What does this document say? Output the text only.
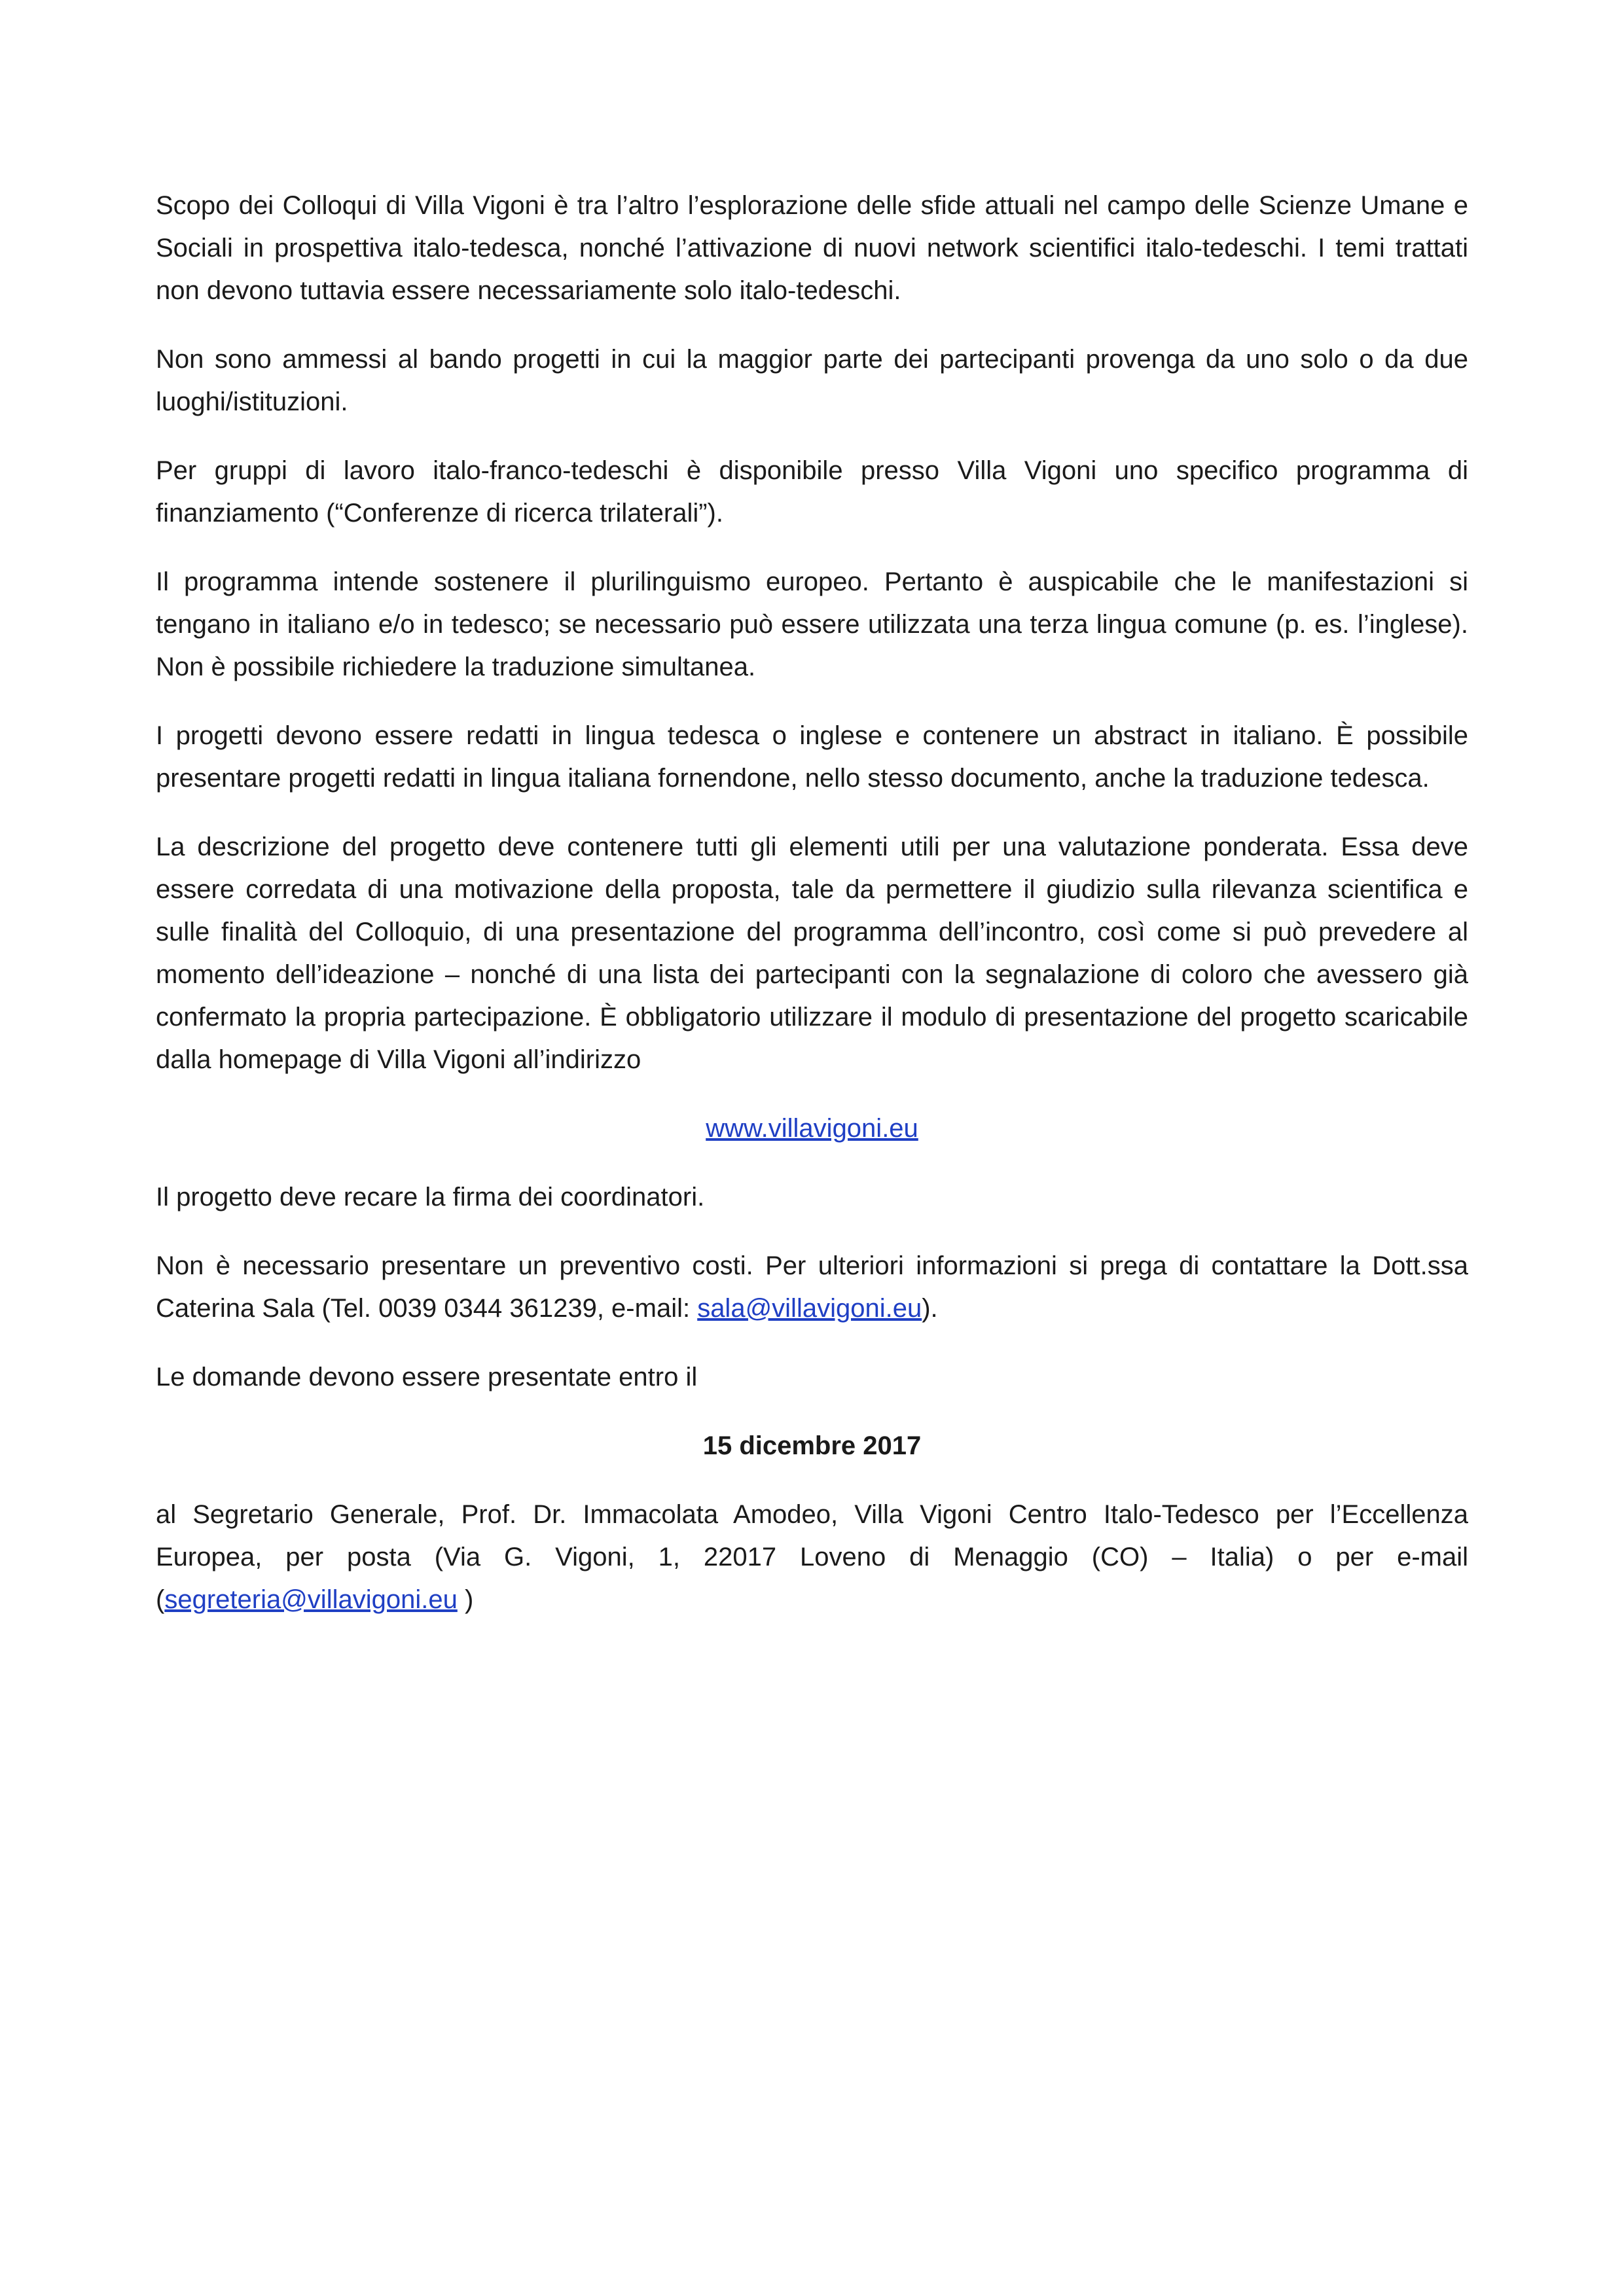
Scopo dei Colloqui di Villa Vigoni è tra l’altro l’esplorazione delle sfide attuali nel campo delle Scienze Umane e Sociali in prospettiva italo-tedesca, nonché l’attivazione di nuovi network scientifici italo-tedeschi. I temi trattati non devono tuttavia essere necessariamente solo italo-tedeschi.

Non sono ammessi al bando progetti in cui la maggior parte dei partecipanti provenga da uno solo o da due luoghi/istituzioni.

Per gruppi di lavoro italo-franco-tedeschi è disponibile presso Villa Vigoni uno specifico programma di finanziamento (“Conferenze di ricerca trilaterali”).

Il programma intende sostenere il plurilinguismo europeo. Pertanto è auspicabile che le manifestazioni si tengano in italiano e/o in tedesco; se necessario può essere utilizzata una terza lingua comune (p. es. l’inglese). Non è possibile richiedere la traduzione simultanea.

I progetti devono essere redatti in lingua tedesca o inglese e contenere un abstract in italiano. È possibile presentare progetti redatti in lingua italiana fornendone, nello stesso documento, anche la traduzione tedesca.

La descrizione del progetto deve contenere tutti gli elementi utili per una valutazione ponderata. Essa deve essere corredata di una motivazione della proposta, tale da permettere il giudizio sulla rilevanza scientifica e sulle finalità del Colloquio, di una presentazione del programma dell’incontro, così come si può prevedere al momento dell’ideazione – nonché di una lista dei partecipanti con la segnalazione di coloro che avessero già confermato la propria partecipazione. È obbligatorio utilizzare il modulo di presentazione del progetto scaricabile dalla homepage di Villa Vigoni all’indirizzo

www.villavigoni.eu

Il progetto deve recare la firma dei coordinatori.

Non è necessario presentare un preventivo costi. Per ulteriori informazioni si prega di contattare la Dott.ssa Caterina Sala (Tel. 0039 0344 361239, e-mail: sala@villavigoni.eu).

Le domande devono essere presentate entro il

15 dicembre 2017

al Segretario Generale, Prof. Dr. Immacolata Amodeo, Villa Vigoni Centro Italo-Tedesco per l’Eccellenza Europea, per posta (Via G. Vigoni, 1, 22017 Loveno di Menaggio (CO) – Italia) o per e-mail (segreteria@villavigoni.eu )
